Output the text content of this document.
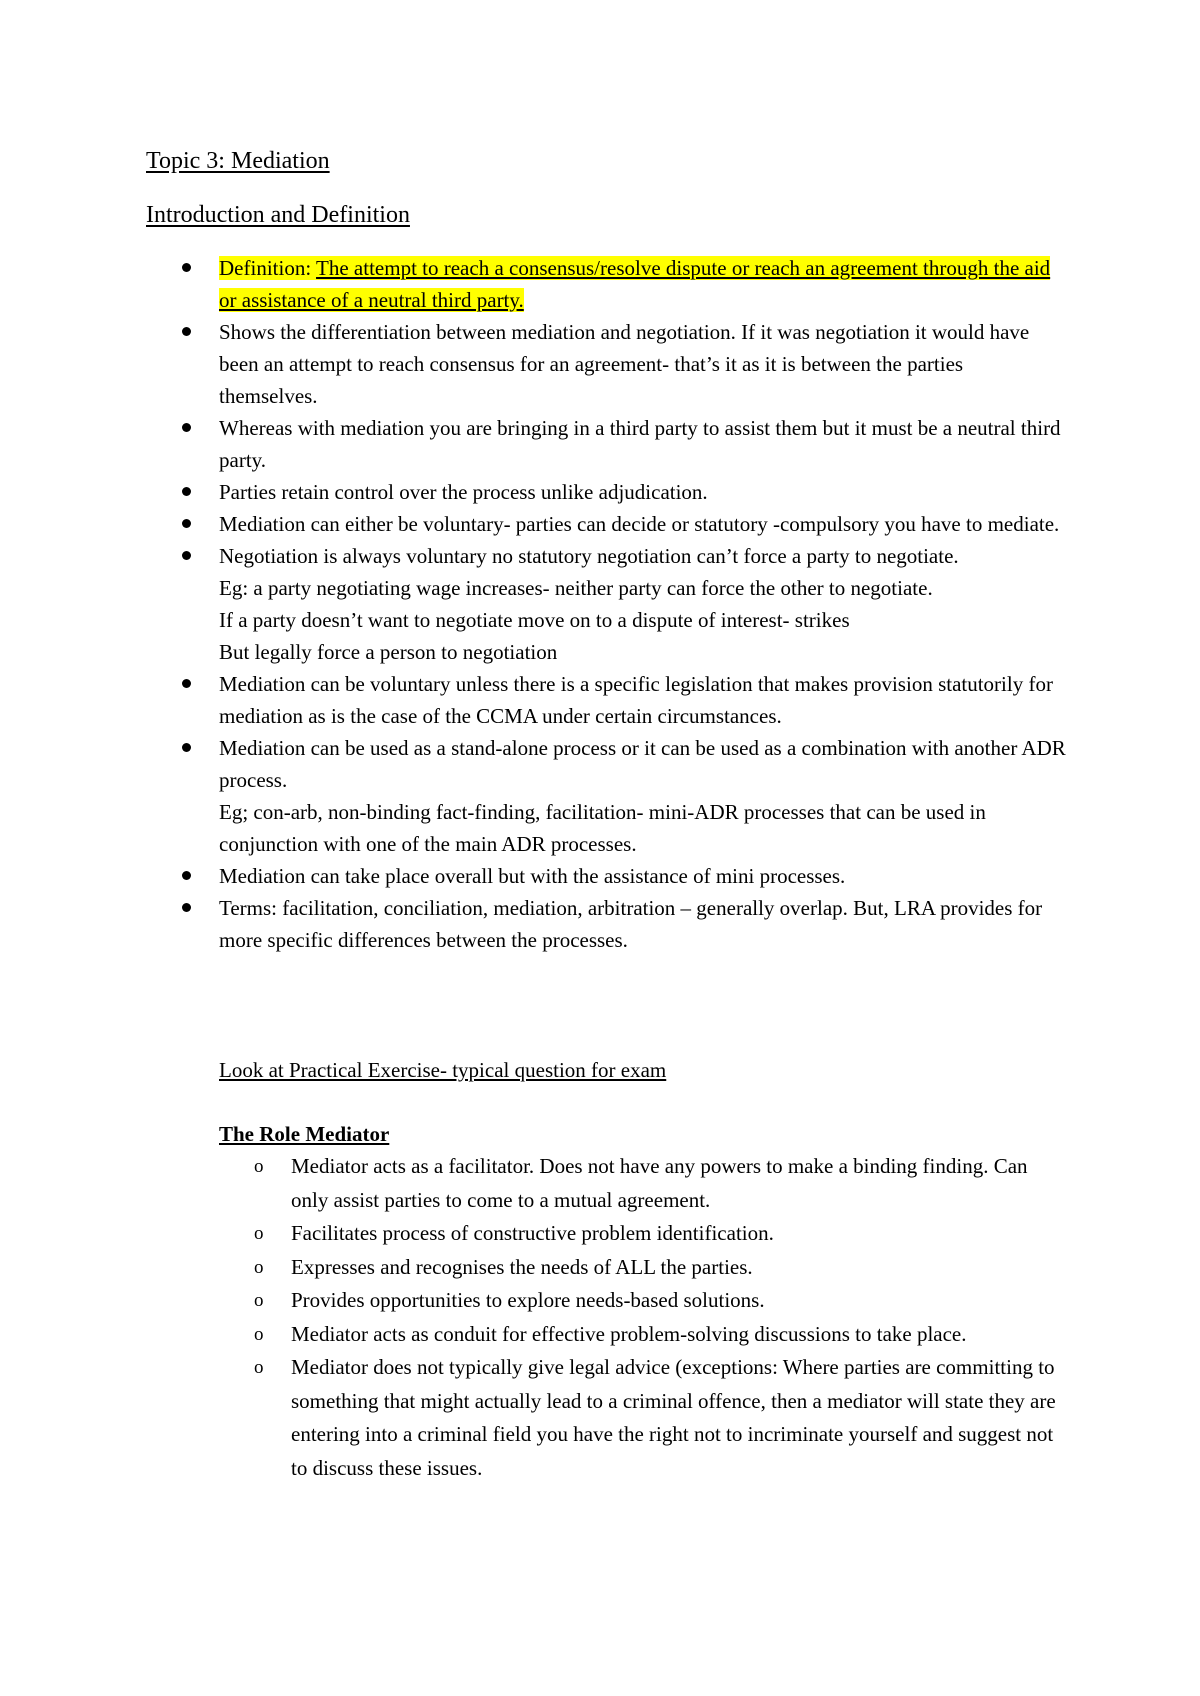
Topic 3: Mediation
Introduction and Definition
Definition: The attempt to reach a consensus/resolve dispute or reach an agreement through the aid or assistance of a neutral third party.
Shows the differentiation between mediation and negotiation. If it was negotiation it would have been an attempt to reach consensus for an agreement- that’s it as it is between the parties themselves.
Whereas with mediation you are bringing in a third party to assist them but it must be a neutral third party.
Parties retain control over the process unlike adjudication.
Mediation can either be voluntary- parties can decide or statutory -compulsory you have to mediate.
Negotiation is always voluntary no statutory negotiation can’t force a party to negotiate.
Eg: a party negotiating wage increases- neither party can force the other to negotiate.
If a party doesn’t want to negotiate move on to a dispute of interest- strikes
But legally force a person to negotiation
Mediation can be voluntary unless there is a specific legislation that makes provision statutorily for mediation as is the case of the CCMA under certain circumstances.
Mediation can be used as a stand-alone process or it can be used as a combination with another ADR process.
Eg; con-arb, non-binding fact-finding, facilitation- mini-ADR processes that can be used in conjunction with one of the main ADR processes.
Mediation can take place overall but with the assistance of mini processes.
Terms: facilitation, conciliation, mediation, arbitration – generally overlap. But, LRA provides for more specific differences between the processes.
Look at Practical Exercise- typical question for exam
The Role Mediator
o Mediator acts as a facilitator. Does not have any powers to make a binding finding. Can only assist parties to come to a mutual agreement.
o Facilitates process of constructive problem identification.
o Expresses and recognises the needs of ALL the parties.
o Provides opportunities to explore needs-based solutions.
o Mediator acts as conduit for effective problem-solving discussions to take place.
o Mediator does not typically give legal advice (exceptions: Where parties are committing to something that might actually lead to a criminal offence, then a mediator will state they are entering into a criminal field you have the right not to incriminate yourself and suggest not to discuss these issues.
